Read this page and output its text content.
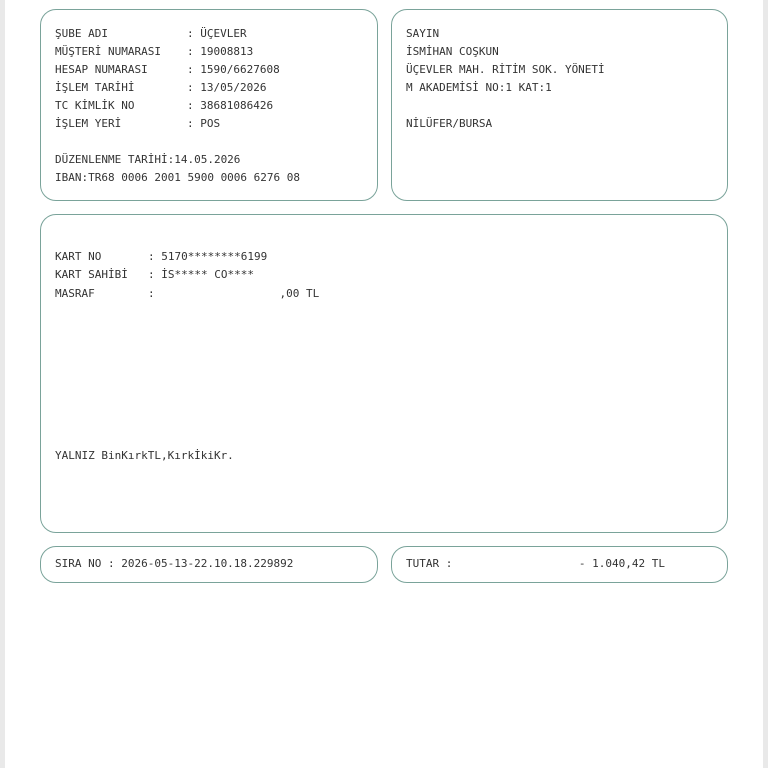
ŞUBE ADI	: ÜÇEVLER
MÜŞTERİ NUMARASI : 19008813
HESAP NUMARASI	: 1590/6627608
İŞLEM TARİHİ	: 13/05/2026
TC KİMLİK NO	: 38681086426
İŞLEM YERİ	: POS
DÜZENLENME TARİHİ:14.05.2026
IBAN:TR68 0006 2001 5900 0006 6276 08
SAYIN
İSMİHAN COŞKUN
ÜÇEVLER MAH. RİTİM SOK. YÖNETİ
M AKADEMİSİ NO:1 KAT:1
NİLÜFER/BURSA
KART NO	: 5170********6199
KART SAHİBİ : İS***** CO****
MASRAF	:	,00 TL
YALNIZ BinKırkTL,KırkİkiKr.
SIRA NO : 2026-05-13-22.10.18.229892	TUTAR :	- 1.040,42 TL
